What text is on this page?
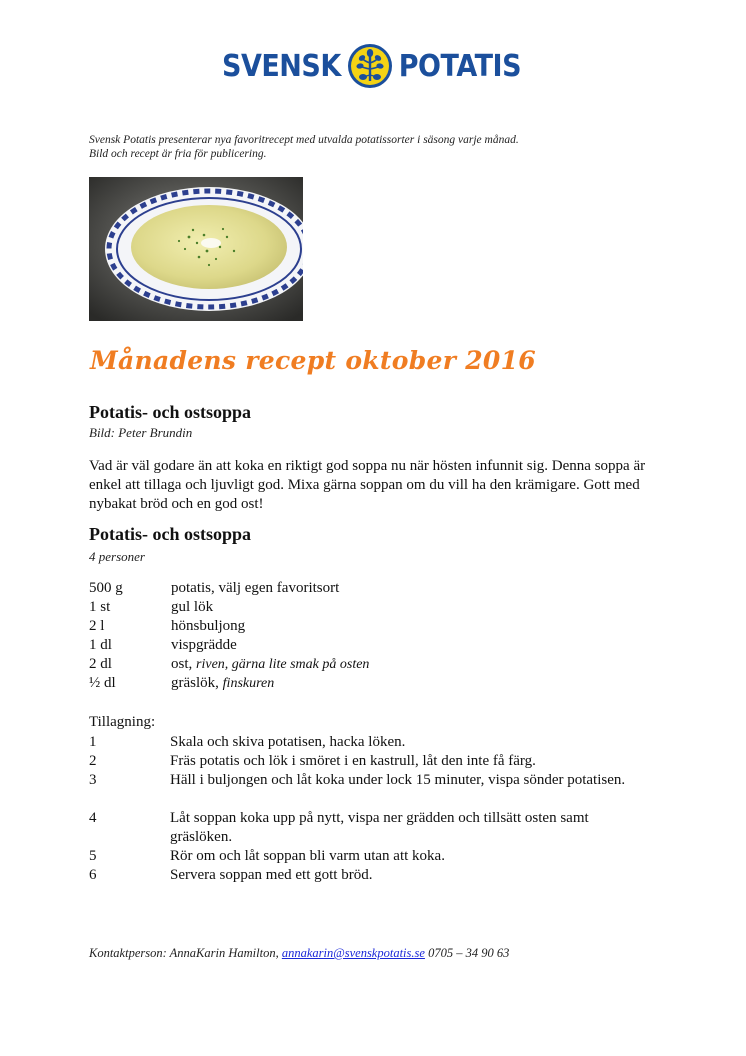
SVENSK POTATIS
Svensk Potatis presenterar nya favoritrecept med utvalda potatissorter i säsong varje månad.
Bild och recept är fria för publicering.
Månadens recept oktober 2016
Potatis- och ostsoppa
Bild: Peter Brundin
Vad är väl godare än att koka en riktigt god soppa nu när hösten infunnit sig. Denna soppa är enkel att tillaga och ljuvligt god. Mixa gärna soppan om du vill ha den krämigare. Gott med nybakat bröd och en god ost!
Potatis- och ostsoppa
4 personer
500 g	potatis, välj egen favoritsort
1 st	gul lök
2 l	hönsbuljong
1 dl	vispgrädde
2 dl	ost, riven, gärna lite smak på osten
½ dl	gräslök, finskuren
Tillagning:
1	Skala och skiva potatisen, hacka löken.
2	Fräs potatis och lök i smöret i en kastrull, låt den inte få färg.
3	Häll i buljongen och låt koka under lock 15 minuter, vispa sönder potatisen.
4	Låt soppan koka upp på nytt, vispa ner grädden och tillsätt osten samt gräslöken.
5	Rör om och låt soppan bli varm utan att koka.
6	Servera soppan med ett gott bröd.
Kontaktperson: AnnaKarin Hamilton, annakarin@svenskpotatis.se 0705 – 34 90 63
